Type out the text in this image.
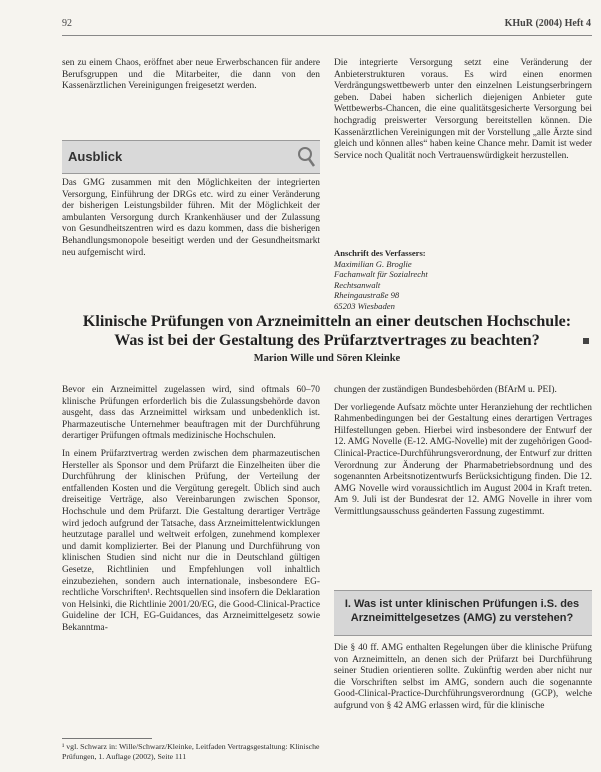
92	KHuR (2004) Heft 4

sen zu einem Chaos, eröffnet aber neue Erwerbschancen für andere Berufsgruppen und die Mitarbeiter, die dann von den Kassenärztlichen Vereinigungen freigesetzt werden.

Ausblick

Das GMG zusammen mit den Möglichkeiten der integrierten Versorgung, Einführung der DRGs etc. wird zu einer Veränderung der bisherigen Leistungsbilder führen. Mit der Möglichkeit der ambulanten Versorgung durch Krankenhäuser und der Zulassung von Gesundheitszentren wird es dazu kommen, dass die bisherigen Behandlungsmonopole beseitigt werden und der Gesundheitsmarkt neu aufgemischt wird.

Die integrierte Versorgung setzt eine Veränderung der Anbieterstrukturen voraus. Es wird einen enormen Verdrängungswettbewerb unter den einzelnen Leistungserbringern geben. Dabei haben sicherlich diejenigen Anbieter gute Wettbewerbs-Chancen, die eine qualitätsgesicherte Versorgung bei hochgradig preiswerter Versorgung bereitstellen können. Die Kassenärztlichen Vereinigungen mit der Vorstellung „alle Ärzte sind gleich und können alles“ haben keine Chance mehr. Damit ist weder Service noch Qualität noch Vertrauenswürdigkeit herzustellen.

Anschrift des Verfassers:
Maximilian G. Broglie
Fachanwalt für Sozialrecht
Rechtsanwalt
Rheingaustraße 98
65203 Wiesbaden
Klinische Prüfungen von Arzneimitteln an einer deutschen Hochschule:
Was ist bei der Gestaltung des Prüfarztvertrages zu beachten?
Marion Wille und Sören Kleinke

Bevor ein Arzneimittel zugelassen wird, sind oftmals 60–70 klinische Prüfungen erforderlich bis die Zulassungsbehörde davon ausgeht, dass das Arzneimittel wirksam und unbedenklich ist. Pharmazeutische Unternehmer beauftragen mit der Durchführung derartiger Prüfungen oftmals medizinische Hochschulen.

In einem Prüfarztvertrag werden zwischen dem pharmazeutischen Hersteller als Sponsor und dem Prüfarzt die Einzelheiten über die Durchführung der klinischen Prüfung, der Verteilung der entfallenden Kosten und die Vergütung geregelt. Üblich sind auch dreiseitige Verträge, also Vereinbarungen zwischen Sponsor, Hochschule und dem Prüfarzt. Die Gestaltung derartiger Verträge wird jedoch aufgrund der Tatsache, dass Arzneimittelentwicklungen heutzutage parallel und weltweit erfolgen, zunehmend komplexer und damit komplizierter. Bei der Planung und Durchführung von klinischen Studien sind nicht nur die in Deutschland gültigen Gesetze, Richtlinien und Empfehlungen voll inhaltlich einzubeziehen, sondern auch internationale, insbesondere EG-rechtliche Vorschriften¹. Rechtsquellen sind insofern die Deklaration von Helsinki, die Richtlinie 2001/20/EG, die Good-Clinical-Practice Guideline der ICH, EG-Guidances, das Arzneimittelgesetz sowie Bekanntma-

chungen der zuständigen Bundesbehörden (BfArM u. PEI).

Der vorliegende Aufsatz möchte unter Heranziehung der rechtlichen Rahmenbedingungen bei der Gestaltung eines derartigen Vertrages Hilfestellungen geben. Hierbei wird insbesondere der Entwurf der 12. AMG Novelle (E-12. AMG-Novelle) mit der zugehörigen Good-Clinical-Practice-Durchführungsverordnung, der Entwurf zur dritten Verordnung zur Änderung der Pharmabetriebsordnung und des sogenannten Arbeitsnotizentwurfs Berücksichtigung finden. Die 12. AMG Novelle wird voraussichtlich im August 2004 in Kraft treten. Am 9. Juli ist der Bundesrat der 12. AMG Novelle in ihrer vom Vermittlungsausschuss geänderten Fassung zugestimmt.

I. Was ist unter klinischen Prüfungen i.S. des Arzneimittelgesetzes (AMG) zu verstehen?

Die § 40 ff. AMG enthalten Regelungen über die klinische Prüfung von Arzneimitteln, an denen sich der Prüfarzt bei Durchführung seiner Studien orientieren sollte. Zukünftig werden aber nicht nur die Vorschriften selbst im AMG, sondern auch die sogenannte Good-Clinical-Practice-Durchführungsverordnung (GCP), welche aufgrund von § 42 AMG erlassen wird, für die klinische

¹ vgl. Schwarz in: Wille/Schwarz/Kleinke, Leitfaden Vertragsgestaltung: Klinische Prüfungen, 1. Auflage (2002), Seite 111
